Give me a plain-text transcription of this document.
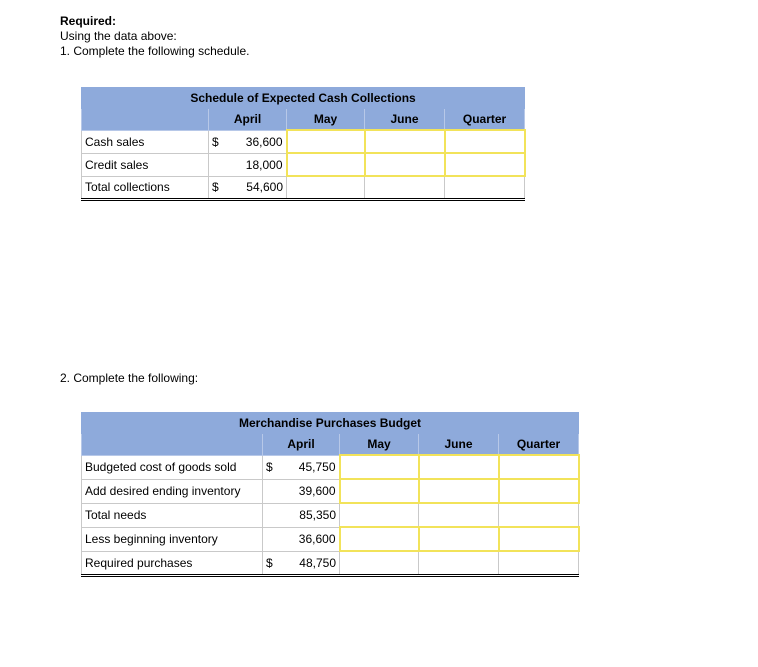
Required:
Using the data above:
1. Complete the following schedule.
Schedule of Expected Cash Collections					
	April		May	June	Quarter
Cash sales	$	36,600			
Credit sales		18,000			
Total collections	$	54,600			
2. Complete the following:
Merchandise Purchases Budget					
	April		May	June	Quarter
Budgeted cost of goods sold	$	45,750			
Add desired ending inventory		39,600			
Total needs		85,350			
Less beginning inventory		36,600			
Required purchases	$	48,750			
